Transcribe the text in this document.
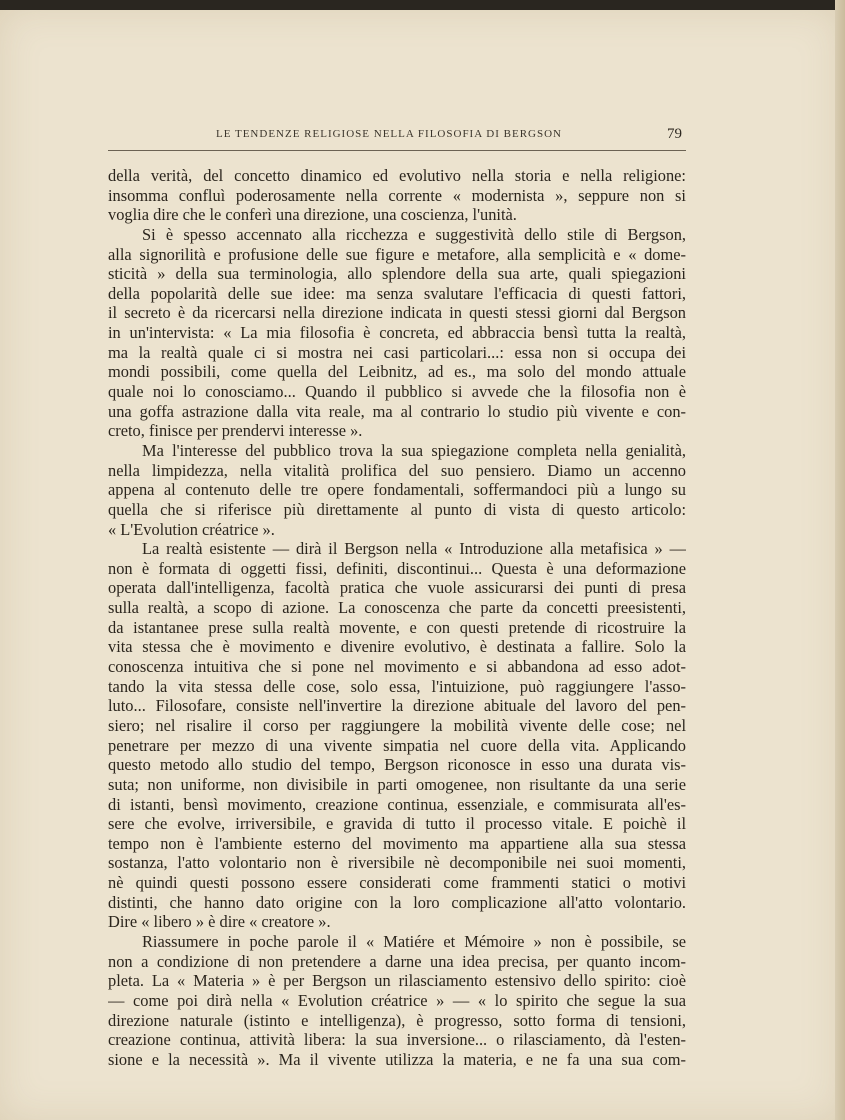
LE TENDENZE RELIGIOSE NELLA FILOSOFIA DI BERGSON	79
della verità, del concetto dinamico ed evolutivo nella storia e nella religione:
insomma confluì poderosamente nella corrente « modernista », seppure non si
voglia dire che le conferì una direzione, una coscienza, l'unità.
Si è spesso accennato alla ricchezza e suggestività dello stile di Bergson,
alla signorilità e profusione delle sue figure e metafore, alla semplicità e « dome-
sticità » della sua terminologia, allo splendore della sua arte, quali spiegazioni
della popolarità delle sue idee: ma senza svalutare l'efficacia di questi fattori,
il secreto è da ricercarsi nella direzione indicata in questi stessi giorni dal Bergson
in un'intervista: « La mia filosofia è concreta, ed abbraccia bensì tutta la realtà,
ma la realtà quale ci si mostra nei casi particolari...: essa non si occupa dei
mondi possibili, come quella del Leibnitz, ad es., ma solo del mondo attuale
quale noi lo conosciamo... Quando il pubblico si avvede che la filosofia non è
una goffa astrazione dalla vita reale, ma al contrario lo studio più vivente e con-
creto, finisce per prendervi interesse ».
Ma l'interesse del pubblico trova la sua spiegazione completa nella genialità,
nella limpidezza, nella vitalità prolifica del suo pensiero. Diamo un accenno
appena al contenuto delle tre opere fondamentali, soffermandoci più a lungo su
quella che si riferisce più direttamente al punto di vista di questo articolo:
« L'Evolution créatrice ».
La realtà esistente — dirà il Bergson nella « Introduzione alla metafisica » —
non è formata di oggetti fissi, definiti, discontinui... Questa è una deformazione
operata dall'intelligenza, facoltà pratica che vuole assicurarsi dei punti di presa
sulla realtà, a scopo di azione. La conoscenza che parte da concetti preesistenti,
da istantanee prese sulla realtà movente, e con questi pretende di ricostruire la
vita stessa che è movimento e divenire evolutivo, è destinata a fallire. Solo la
conoscenza intuitiva che si pone nel movimento e si abbandona ad esso adot-
tando la vita stessa delle cose, solo essa, l'intuizione, può raggiungere l'asso-
luto... Filosofare, consiste nell'invertire la direzione abituale del lavoro del pen-
siero; nel risalire il corso per raggiungere la mobilità vivente delle cose; nel
penetrare per mezzo di una vivente simpatia nel cuore della vita. Applicando
questo metodo allo studio del tempo, Bergson riconosce in esso una durata vis-
suta; non uniforme, non divisibile in parti omogenee, non risultante da una serie
di istanti, bensì movimento, creazione continua, essenziale, e commisurata all'es-
sere che evolve, irriversibile, e gravida di tutto il processo vitale. E poichè il
tempo non è l'ambiente esterno del movimento ma appartiene alla sua stessa
sostanza, l'atto volontario non è riversibile nè decomponibile nei suoi momenti,
nè quindi questi possono essere considerati come frammenti statici o motivi
distinti, che hanno dato origine con la loro complicazione all'atto volontario.
Dire « libero » è dire « creatore ».
Riassumere in poche parole il « Matiére et Mémoire » non è possibile, se
non a condizione di non pretendere a darne una idea precisa, per quanto incom-
pleta. La « Materia » è per Bergson un rilasciamento estensivo dello spirito: cioè
— come poi dirà nella « Evolution créatrice » — « lo spirito che segue la sua
direzione naturale (istinto e intelligenza), è progresso, sotto forma di tensioni,
creazione continua, attività libera: la sua inversione... o rilasciamento, dà l'esten-
sione e la necessità ». Ma il vivente utilizza la materia, e ne fa una sua com-
